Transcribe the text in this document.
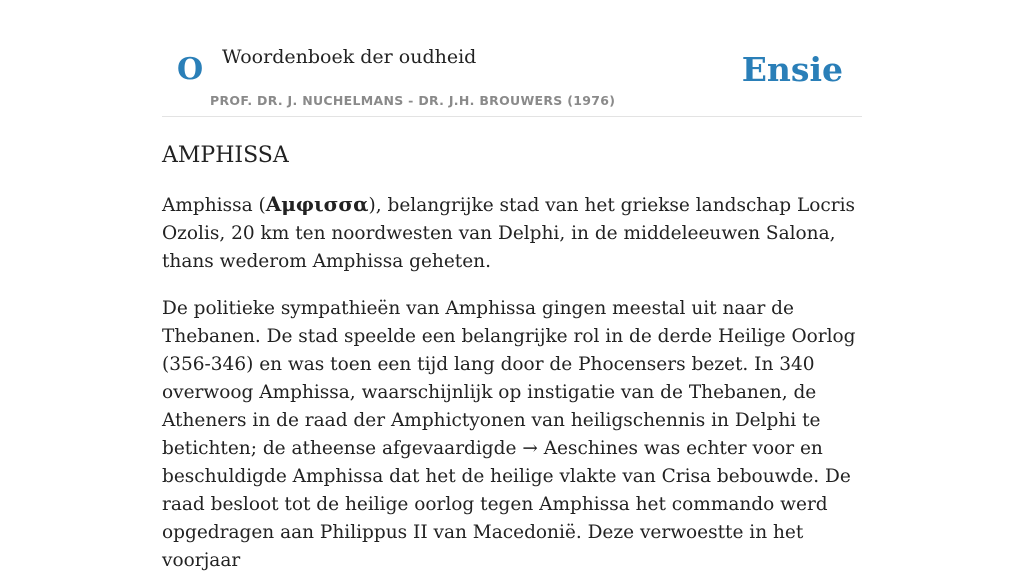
O Woordenboek der oudheid	Ensie
PROF. DR. J. NUCHELMANS - DR. J.H. BROUWERS (1976)
AMPHISSA

Amphissa (Αμφισσα), belangrijke stad van het griekse landschap Locris Ozolis, 20 km ten noordwesten van Delphi, in de middeleeuwen Salona, thans wederom Amphissa geheten.

De politieke sympathieën van Amphissa gingen meestal uit naar de Thebanen. De stad speelde een belangrijke rol in de derde Heilige Oorlog (356-346) en was toen een tijd lang door de Phocensers bezet. In 340 overwoog Amphissa, waarschijnlijk op instigatie van de Thebanen, de Atheners in de raad der Amphictyonen van heiligschennis in Delphi te betichten; de atheense afgevaardigde → Aeschines was echter voor en beschuldigde Amphissa dat het de heilige vlakte van Crisa bebouwde. De raad besloot tot de heilige oorlog tegen Amphissa het commando werd opgedragen aan Philippus II van Macedonië. Deze verwoestte in het voorjaar
